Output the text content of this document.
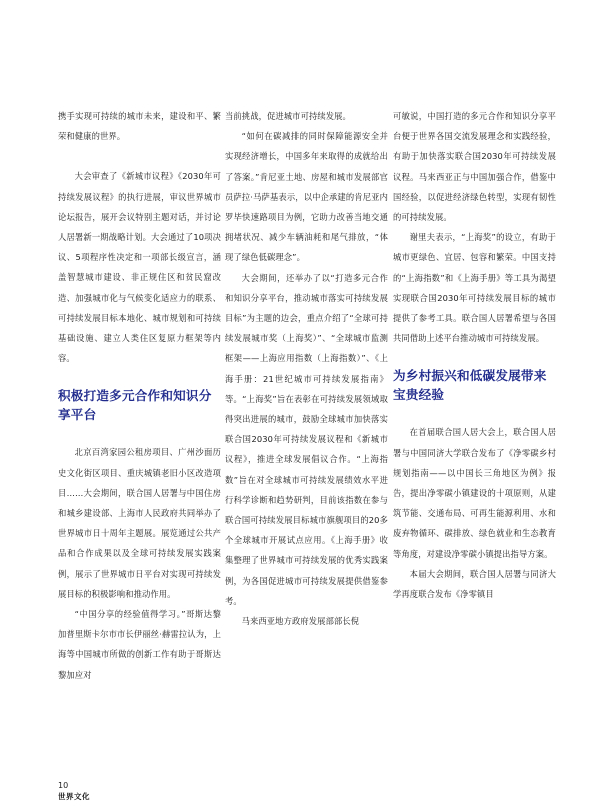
携手实现可持续的城市未来，建设和平、繁荣和健康的世界。

大会审查了《新城市议程》《2030年可持续发展议程》的执行进展，审议世界城市论坛报告，展开会议特别主题对话，并讨论人居署新一期战略计划。大会通过了10项决议、5项程序性决定和一项部长级宣言，涵盖智慧城市建设、非正规住区和贫民窟改造、加强城市化与气候变化适应力的联系、可持续发展目标本地化、城市规划和可持续基础设施、建立人类住区复原力框架等内容。

积极打造多元合作和知识分享平台

北京百湾家园公租房项目、广州沙面历史文化街区项目、重庆城镇老旧小区改造项目……大会期间，联合国人居署与中国住房和城乡建设部、上海市人民政府共同举办了世界城市日十周年主题展。展览通过公共产品和合作成果以及全球可持续发展实践案例，展示了世界城市日平台对实现可持续发展目标的积极影响和推动作用。

“中国分享的经验值得学习。”哥斯达黎加普里斯卡尔市市长伊丽丝·赫雷拉认为，上海等中国城市所做的创新工作有助于哥斯达黎加应对

当前挑战，促进城市可持续发展。

“如何在碳减排的同时保障能源安全并实现经济增长，中国多年来取得的成就给出了答案。”肯尼亚土地、房屋和城市发展部官员萨拉·马萨基表示，以中企承建的肯尼亚内罗毕快速路项目为例，它助力改善当地交通拥堵状况、减少车辆油耗和尾气排放，“体现了绿色低碳理念”。

大会期间，还举办了以“打造多元合作和知识分享平台，推动城市落实可持续发展目标”为主题的边会，重点介绍了“全球可持续发展城市奖（上海奖）”、“全球城市监测框架——上海应用指数（上海指数）”、《上海手册：21世纪城市可持续发展指南》等。“上海奖”旨在表彰在可持续发展领域取得突出进展的城市，鼓励全球城市加快落实联合国2030年可持续发展议程和《新城市议程》，推进全球发展倡议合作。“上海指数”旨在对全球城市可持续发展绩效水平进行科学诊断和趋势研判，目前该指数在参与联合国可持续发展目标城市旗舰项目的20多个全球城市开展试点应用。《上海手册》收集整理了世界城市可持续发展的优秀实践案例，为各国促进城市可持续发展提供借鉴参考。

马来西亚地方政府发展部部长倪

可敏说，中国打造的多元合作和知识分享平台便于世界各国交流发展理念和实践经验，有助于加快落实联合国2030年可持续发展议程。马来西亚正与中国加强合作，借鉴中国经验，以促进经济绿色转型，实现有韧性的可持续发展。

谢里夫表示，“上海奖”的设立，有助于城市更绿色、宜居、包容和繁荣。中国支持的“上海指数”和《上海手册》等工具为渴望实现联合国2030年可持续发展目标的城市提供了参考工具。联合国人居署希望与各国共同借助上述平台推动城市可持续发展。

为乡村振兴和低碳发展带来宝贵经验

在首届联合国人居大会上，联合国人居署与中国同济大学联合发布了《净零碳乡村规划指南——以中国长三角地区为例》报告，提出净零碳小镇建设的十项原则，从建筑节能、交通布局、可再生能源利用、水和废弃物循环、碳排放、绿色就业和生态教育等角度，对建设净零碳小镇提出指导方案。

本届大会期间，联合国人居署与同济大学再度联合发布《净零镇目

10
世界文化
